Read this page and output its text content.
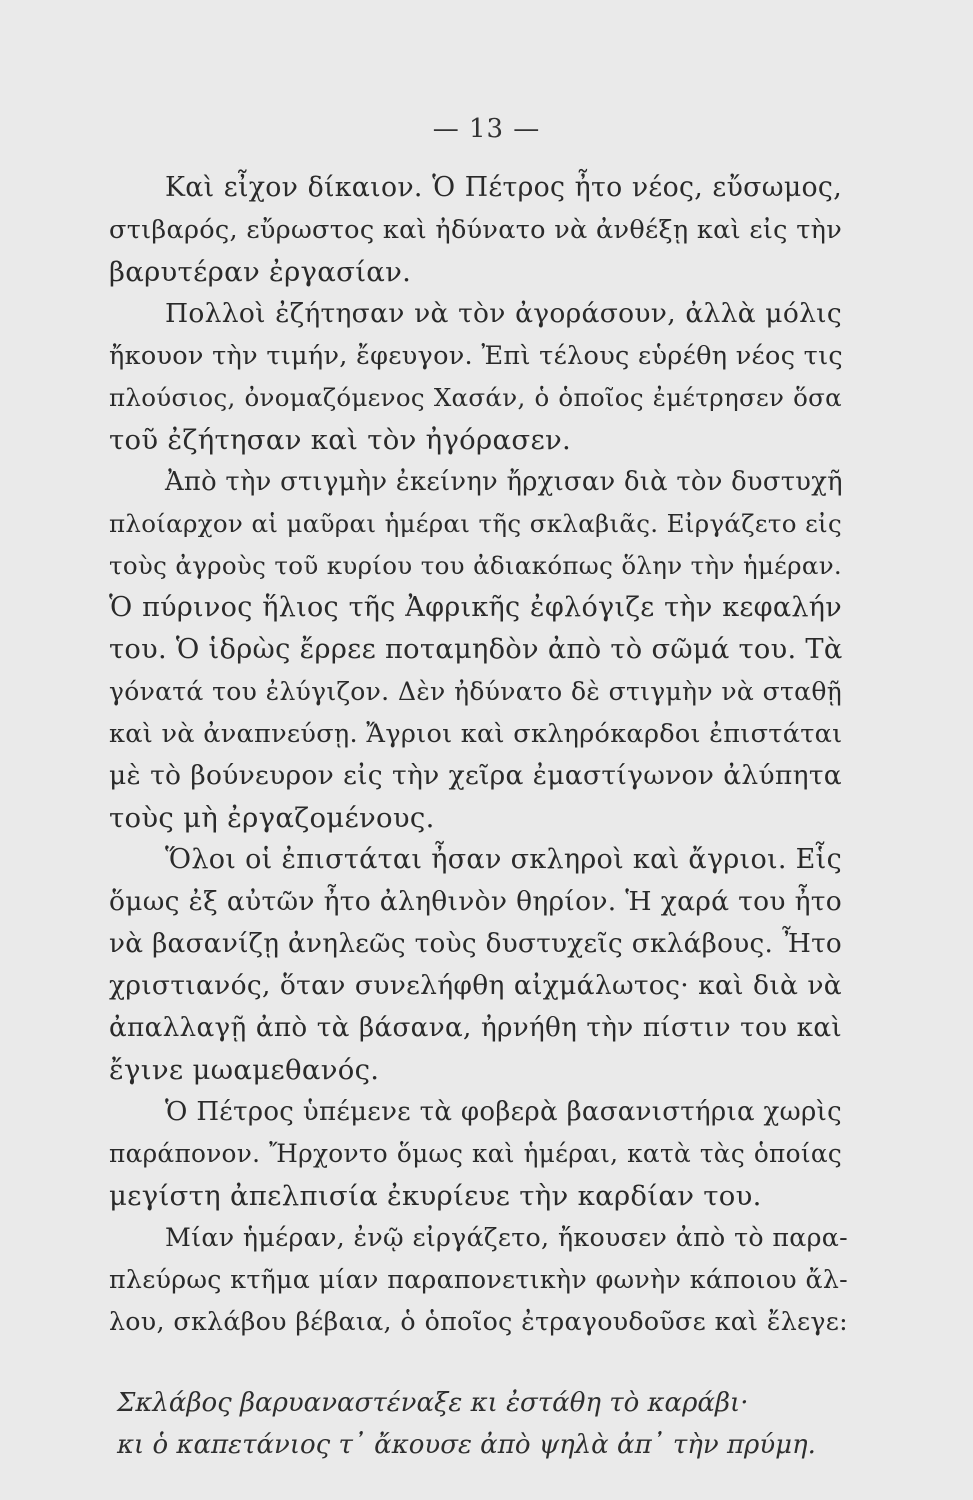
— 13 —
Καὶ εἶχον δίκαιον. Ὁ Πέτρος ἦτο νέος, εὔσωμος,
στιβαρός, εὔρωστος καὶ ἠδύνατο νὰ ἀνθέξῃ καὶ εἰς τὴν
βαρυτέραν ἐργασίαν.
Πολλοὶ ἐζήτησαν νὰ τὸν ἀγοράσουν, ἀλλὰ μόλις
ἤκουον τὴν τιμήν, ἔφευγον. Ἐπὶ τέλους εὑρέθη νέος τις
πλούσιος, ὀνομαζόμενος Χασάν, ὁ ὁποῖος ἐμέτρησεν ὅσα
τοῦ ἐζήτησαν καὶ τὸν ἠγόρασεν.
Ἀπὸ τὴν στιγμὴν ἐκείνην ἤρχισαν διὰ τὸν δυστυχῆ
πλοίαρχον αἱ μαῦραι ἡμέραι τῆς σκλαβιᾶς. Εἰργάζετο εἰς
τοὺς ἀγροὺς τοῦ κυρίου του ἀδιακόπως ὅλην τὴν ἡμέραν.
Ὁ πύρινος ἥλιος τῆς Ἀφρικῆς ἐφλόγιζε τὴν κεφαλήν
του. Ὁ ἱδρὼς ἔρρεε ποταμηδὸν ἀπὸ τὸ σῶμά του. Τὰ
γόνατά του ἐλύγιζον. Δὲν ἠδύνατο δὲ στιγμὴν νὰ σταθῇ
καὶ νὰ ἀναπνεύσῃ. Ἄγριοι καὶ σκληρόκαρδοι ἐπιστάται
μὲ τὸ βούνευρον εἰς τὴν χεῖρα ἐμαστίγωνον ἀλύπητα
τοὺς μὴ ἐργαζομένους.
Ὅλοι οἱ ἐπιστάται ἦσαν σκληροὶ καὶ ἄγριοι. Εἷς
ὅμως ἐξ αὐτῶν ἦτο ἀληθινὸν θηρίον. Ἡ χαρά του ἦτο
νὰ βασανίζῃ ἀνηλεῶς τοὺς δυστυχεῖς σκλάβους. Ἦτο
χριστιανός, ὅταν συνελήφθη αἰχμάλωτος· καὶ διὰ νὰ
ἀπαλλαγῇ ἀπὸ τὰ βάσανα, ἠρνήθη τὴν πίστιν του καὶ
ἔγινε μωαμεθανός.
Ὁ Πέτρος ὑπέμενε τὰ φοβερὰ βασανιστήρια χωρὶς
παράπονον. Ἤρχοντο ὅμως καὶ ἡμέραι, κατὰ τὰς ὁποίας
μεγίστη ἀπελπισία ἐκυρίευε τὴν καρδίαν του.
Μίαν ἡμέραν, ἐνῷ εἰργάζετο, ἤκουσεν ἀπὸ τὸ παρα-
πλεύρως κτῆμα μίαν παραπονετικὴν φωνὴν κάποιου ἄλ-
λου, σκλάβου βέβαια, ὁ ὁποῖος ἐτραγουδοῦσε καὶ ἔλεγε:
Σκλάβος βαρυαναστέναξε κι ἐστάθη τὸ καράβι·
κι ὁ καπετάνιος τ᾽ ἄκουσε ἀπὸ ψηλὰ ἀπ᾽ τὴν πρύμη.
